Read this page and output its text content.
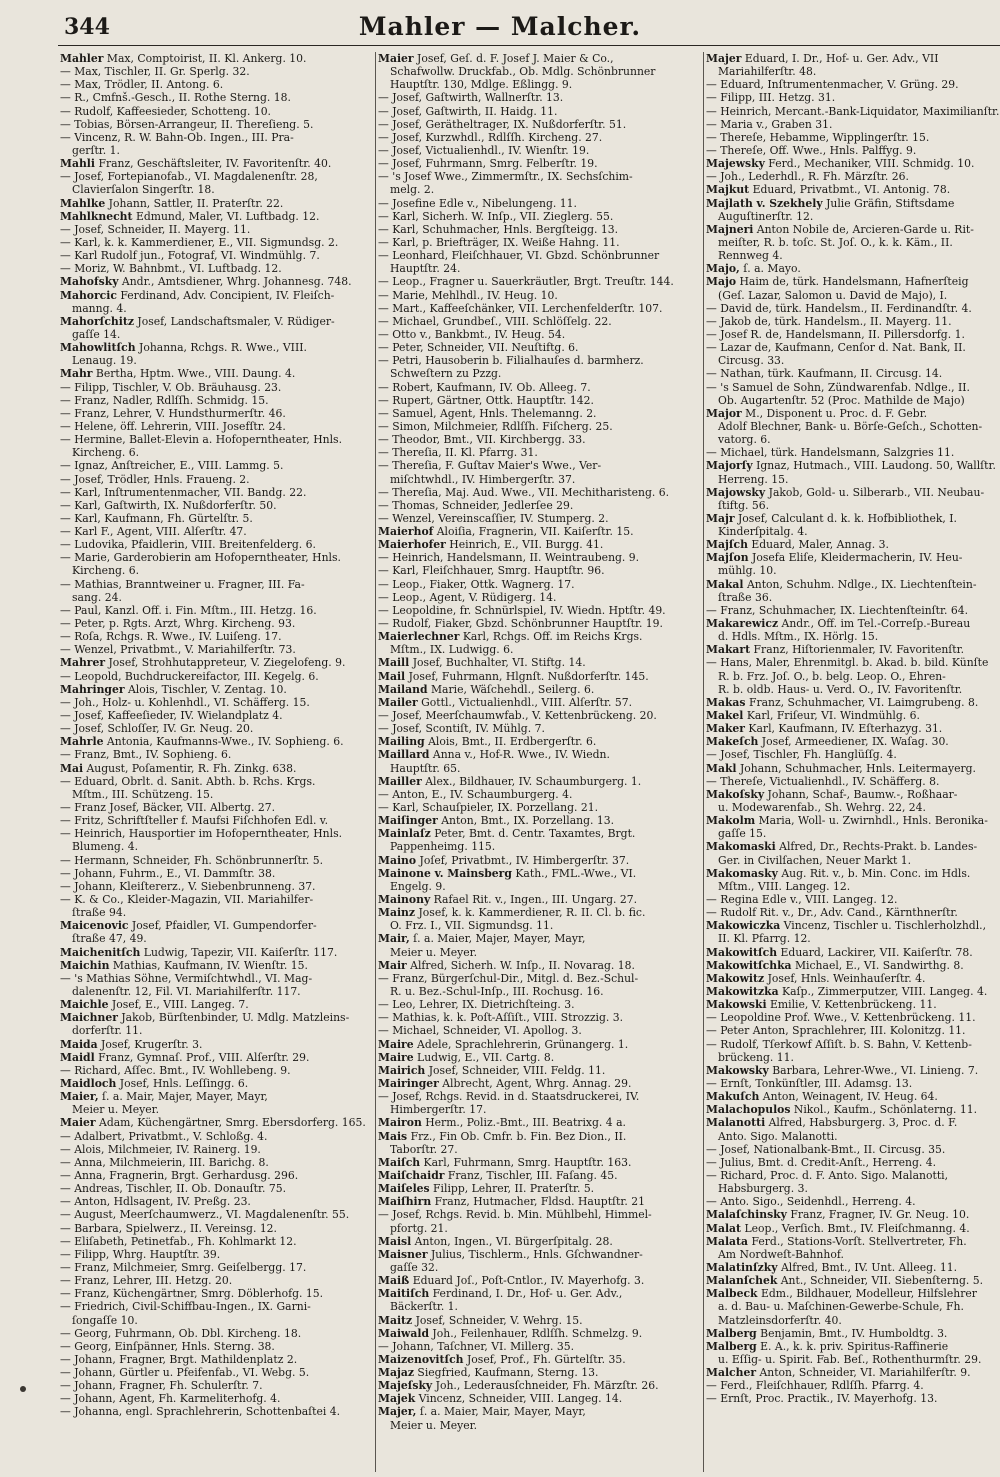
344	Mahler — Malcher.
Mahler Max, Comptoirist, II. Kl. Ankerg. 10.
— Max, Tischler, II. Gr. Sperlg. 32.
— Max, Trödler, II. Antong. 6.
— R., Cmfnš.-Gesch., II. Rothe Sterng. 18.
— Rudolf, Kaffeesieder, Schotteng. 10.
— Tobias, Börsen-Arrangeur, II. Thereſieng. 5.
— Vincenz, R. W. Bahn-Ob. Ingen., III. Pra-
gerſtr. 1.
Mahli Franz, Geschäftsleiter, IV. Favoritenſtr. 40.
— Josef, Fortepianofab., VI. Magdalenenſtr. 28,
Clavierſalon Singerſtr. 18.
Mahlke Johann, Sattler, II. Praterſtr. 22.
Mahlknecht Edmund, Maler, VI. Luftbadg. 12.
— Josef, Schneider, II. Mayerg. 11.
— Karl, k. k. Kammerdiener, E., VII. Sigmundsg. 2.
— Karl Rudolf jun., Fotograf, VI. Windmühlg. 7.
— Moriz, W. Bahnbmt., VI. Luftbadg. 12.
Mahofsky Andr., Amtsdiener, Whrg. Johannesg. 748.
Mahorcic Ferdinand, Adv. Concipient, IV. Fleiſch-
manng. 4.
Mahorſchitz Josef, Landschaftsmaler, V. Rüdiger-
gaſſe 14.
Mahowlitſch Johanna, Rchgs. R. Wwe., VIII.
Lenaug. 19.
Mahr Bertha, Hptm. Wwe., VIII. Daung. 4.
— Filipp, Tischler, V. Ob. Bräuhausg. 23.
— Franz, Nadler, Rdlſſh. Schmidg. 15.
— Franz, Lehrer, V. Hundsthurmerſtr. 46.
— Helene, öff. Lehrerin, VIII. Josefſtr. 24.
— Hermine, Ballet-Elevin a. Hofoperntheater, Hnls.
Kircheng. 6.
— Ignaz, Anſtreicher, E., VIII. Lammg. 5.
— Josef, Trödler, Hnls. Fraueng. 2.
— Karl, Inſtrumentenmacher, VII. Bandg. 22.
— Karl, Gaſtwirth, IX. Nußdorferſtr. 50.
— Karl, Kaufmann, Fh. Gürtelſtr. 5.
— Karl F., Agent, VIII. Alſerſtr. 47.
— Ludovika, Pfaidlerin, VIII. Breitenfelderg. 6.
— Marie, Garderobierin am Hofoperntheater, Hnls.
Kircheng. 6.
— Mathias, Branntweiner u. Fragner, III. Fa-
sang. 24.
— Paul, Kanzl. Off. i. Fin. Mſtm., III. Hetzg. 16.
— Peter, p. Rgts. Arzt, Whrg. Kircheng. 93.
— Roſa, Rchgs. R. Wwe., IV. Luiſeng. 17.
— Wenzel, Privatbmt., V. Mariahilferſtr. 73.
Mahrer Josef, Strohhutappreteur, V. Ziegelofeng. 9.
— Leopold, Buchdruckereifactor, III. Kegelg. 6.
Mahringer Alois, Tischler, V. Zentag. 10.
— Joh., Holz- u. Kohlenhdl., VI. Schäfferg. 15.
— Josef, Kaffeeſieder, IV. Wielandplatz 4.
— Josef, Schloſſer, IV. Gr. Neug. 20.
Mahrle Antonia, Kaufmanns-Wwe., IV. Sophieng. 6.
— Franz, Bmt., IV. Sophieng. 6.
Mai August, Poſamentir, R. Fh. Zinkg. 638.
— Eduard, Obrlt. d. Sanit. Abth. b. Rchs. Krgs.
Mſtm., III. Schützeng. 15.
— Franz Josef, Bäcker, VII. Albertg. 27.
— Fritz, Schriftſteller f. Maufsi Fiſchhofen Edl. v.
— Heinrich, Hausportier im Hofoperntheater, Hnls.
Blumeng. 4.
— Hermann, Schneider, Fh. Schönbrunnerſtr. 5.
— Johann, Fuhrm., E., VI. Dammſtr. 38.
— Johann, Kleiſtererz., V. Siebenbrunneng. 37.
— K. & Co., Kleider-Magazin, VII. Mariahilfer-
ſtraße 94.
Maicenovic Josef, Pfaidler, VI. Gumpendorfer-
ſtraße 47, 49.
Maichenitſch Ludwig, Tapezir, VII. Kaiſerſtr. 117.
Maichin Mathias, Kaufmann, IV. Wienſtr. 15.
— 's Mathias Söhne, Vermiſchtwhdl., VI. Mag-
dalenenſtr. 12, Fil. VI. Mariahilferſtr. 117.
Maichle Josef, E., VIII. Langeg. 7.
Maichner Jakob, Bürſtenbinder, U. Mdlg. Matzleins-
dorferſtr. 11.
Maida Josef, Krugerſtr. 3.
Maidl Franz, Gymnaſ. Prof., VIII. Alſerſtr. 29.
— Richard, Aſſec. Bmt., IV. Wohllebeng. 9.
Maidloch Josef, Hnls. Leſſingg. 6.
Maier, ſ. a. Mair, Majer, Mayer, Mayr,
Meier u. Meyer.
Maier Adam, Küchengärtner, Smrg. Ebersdorferg. 165.
— Adalbert, Privatbmt., V. Schloßg. 4.
— Alois, Milchmeier, IV. Rainerg. 19.
— Anna, Milchmeierin, III. Barichg. 8.
— Anna, Fragnerin, Brgt. Gerhardusg. 296.
— Andreas, Tischler, II. Ob. Donauſtr. 75.
— Anton, Hdlsagent, IV. Preßg. 23.
— August, Meerſchaumwerz., VI. Magdalenenſtr. 55.
— Barbara, Spielwerz., II. Vereinsg. 12.
— Eliſabeth, Petinetfab., Fh. Kohlmarkt 12.
— Filipp, Whrg. Hauptſtr. 39.
— Franz, Milchmeier, Smrg. Geiſelbergg. 17.
— Franz, Lehrer, III. Hetzg. 20.
— Franz, Küchengärtner, Smrg. Döblerhofg. 15.
— Friedrich, Civil-Schiffbau-Ingen., IX. Garni-
ſongaſſe 10.
— Georg, Fuhrmann, Ob. Dbl. Kircheng. 18.
— Georg, Einſpänner, Hnls. Sterng. 38.
— Johann, Fragner, Brgt. Mathildenplatz 2.
— Johann, Gürtler u. Pfeifenfab., VI. Webg. 5.
— Johann, Fragner, Fh. Schulerſtr. 7.
— Johann, Agent, Fh. Karmeliterhofg. 4.
— Johanna, engl. Sprachlehrerin, Schottenbaſtei 4.
Maier Josef, Geſ. d. F. Josef J. Maier & Co.,
Schafwollw. Druckfab., Ob. Mdlg. Schönbrunner
Hauptſtr. 130, Mdlge. Eßlingg. 9.
— Josef, Gaſtwirth, Wallnerſtr. 13.
— Josef, Gaſtwirth, II. Haidg. 11.
— Josef, Gerätheltrager, IX. Nußdorferſtr. 51.
— Josef, Kurzwhdl., Rdlſſh. Kircheng. 27.
— Josef, Victualienhdl., IV. Wienſtr. 19.
— Josef, Fuhrmann, Smrg. Felberſtr. 19.
— 's Josef Wwe., Zimmermſtr., IX. Sechsſchim-
melg. 2.
— Josefine Edle v., Nibelungeng. 11.
— Karl, Sicherh. W. Inſp., VII. Zieglerg. 55.
— Karl, Schuhmacher, Hnls. Bergſteigg. 13.
— Karl, p. Briefträger, IX. Weiße Hahng. 11.
— Leonhard, Fleiſchhauer, VI. Gbzd. Schönbrunner
Hauptſtr. 24.
— Leop., Fragner u. Sauerkräutler, Brgt. Treuſtr. 144.
— Marie, Mehlhdl., IV. Heug. 10.
— Mart., Kaffeeſchänker, VII. Lerchenfelderſtr. 107.
— Michael, Grundbeſ., VIII. Schlöſſelg. 22.
— Otto v., Bankbmt., IV. Heug. 54.
— Peter, Schneider, VII. Neuſtiftg. 6.
— Petri, Hausoberin b. Filialhauſes d. barmherz.
Schweſtern zu Pzzg.
— Robert, Kaufmann, IV. Ob. Alleeg. 7.
— Rupert, Gärtner, Ottk. Hauptſtr. 142.
— Samuel, Agent, Hnls. Thelemanng. 2.
— Simon, Milchmeier, Rdlſſh. Fiſcherg. 25.
— Theodor, Bmt., VII. Kirchbergg. 33.
— Thereſia, II. Kl. Pfarrg. 31.
— Thereſia, F. Guſtav Maier's Wwe., Ver-
miſchtwhdl., IV. Himbergerſtr. 37.
— Thereſia, Maj. Aud. Wwe., VII. Mechitharisteng. 6.
— Thomas, Schneider, Jedlerſee 29.
— Wenzel, Vereinscaſſier, IV. Stumperg. 2.
Maierhof Aloiſia, Fragnerin, VII. Kaiſerſtr. 15.
Maierhofer Heinrich, E., VII. Burgg. 41.
— Heinrich, Handelsmann, II. Weintraubeng. 9.
— Karl, Fleiſchhauer, Smrg. Hauptſtr. 96.
— Leop., Fiaker, Ottk. Wagnerg. 17.
— Leop., Agent, V. Rüdigerg. 14.
— Leopoldine, fr. Schnürlspiel, IV. Wiedn. Hptſtr. 49.
— Rudolf, Fiaker, Gbzd. Schönbrunner Hauptſtr. 19.
Maierlechner Karl, Rchgs. Off. im Reichs Krgs.
Mſtm., IX. Ludwigg. 6.
Maill Josef, Buchhalter, VI. Stiftg. 14.
Mail Josef, Fuhrmann, Hlgnſt. Nußdorferſtr. 145.
Mailand Marie, Wäſchehdl., Seilerg. 6.
Mailer Gottl., Victualienhdl., VIII. Alſerſtr. 57.
— Josef, Meerſchaumwfab., V. Kettenbrückeng. 20.
— Josef, Scontiſt, IV. Mühlg. 7.
Mailing Alois, Bmt., II. Erdbergerſtr. 6.
Maillard Anna v., Hof-R. Wwe., IV. Wiedn.
Hauptſtr. 65.
Mailler Alex., Bildhauer, IV. Schaumburgerg. 1.
— Anton, E., IV. Schaumburgerg. 4.
— Karl, Schauſpieler, IX. Porzellang. 21.
Maiſinger Anton, Bmt., IX. Porzellang. 13.
Mainlaſz Peter, Bmt. d. Centr. Taxamtes, Brgt.
Pappenheimg. 115.
Maino Joſef, Privatbmt., IV. Himbergerſtr. 37.
Mainone v. Mainsberg Kath., FML.-Wwe., VI.
Engelg. 9.
Mainony Rafael Rit. v., Ingen., III. Ungarg. 27.
Mainz Josef, k. k. Kammerdiener, R. II. Cl. b. fic.
O. Frz. I., VII. Sigmundsg. 11.
Mair, ſ. a. Maier, Majer, Mayer, Mayr,
Meier u. Meyer.
Mair Alfred, Sicherh. W. Inſp., II. Novarag. 18.
— Franz, Bürgerſchul-Dir., Mitgl. d. Bez.-Schul-
R. u. Bez.-Schul-Inſp., III. Rochusg. 16.
— Leo, Lehrer, IX. Dietrichſteing. 3.
— Mathias, k. k. Poſt-Aſſiſt., VIII. Strozzig. 3.
— Michael, Schneider, VI. Apollog. 3.
Maire Adele, Sprachlehrerin, Grünangerg. 1.
Maire Ludwig, E., VII. Cartg. 8.
Mairich Josef, Schneider, VIII. Feldg. 11.
Mairinger Albrecht, Agent, Whrg. Annag. 29.
— Josef, Rchgs. Revid. in d. Staatsdruckerei, IV.
Himbergerſtr. 17.
Mairon Herm., Poliz.-Bmt., III. Beatrixg. 4 a.
Mais Frz., Fin Ob. Cmfr. b. Fin. Bez Dion., II.
Taborſtr. 27.
Maiſch Karl, Fuhrmann, Smrg. Hauptſtr. 163.
Maiſchaidr Franz, Tischler, III. Faſang. 45.
Maiſeles Filipp, Lehrer, II. Praterſtr. 5.
Maiſhirn Franz, Hutmacher, Fldsd. Hauptſtr. 21
— Josef, Rchgs. Revid. b. Min. Mühlbehl, Himmel-
pfortg. 21.
Maisl Anton, Ingen., VI. Bürgerſpitalg. 28.
Maisner Julius, Tischlerm., Hnls. Gſchwandner-
gaſſe 32.
Maiß Eduard Joſ., Poſt-Cntlor., IV. Mayerhofg. 3.
Maitiſch Ferdinand, I. Dr., Hof- u. Ger. Adv.,
Bäckerſtr. 1.
Maitz Josef, Schneider, V. Wehrg. 15.
Maiwald Joh., Feilenhauer, Rdlſſh. Schmelzg. 9.
— Johann, Taſchner, VI. Millerg. 35.
Maizenovitſch Josef, Prof., Fh. Gürtelſtr. 35.
Majaz Siegfried, Kaufmann, Sterng. 13.
Majeſsky Joh., Lederausſchneider, Fh. Märzſtr. 26.
Majek Vincenz, Schneider, VIII. Langeg. 14.
Majer, ſ. a. Maier, Mair, Mayer, Mayr,
Meier u. Meyer.
Majer Eduard, I. Dr., Hof- u. Ger. Adv., VII
Mariahilferſtr. 48.
— Eduard, Inſtrumentenmacher, V. Grüng. 29.
— Filipp, III. Hetzg. 31.
— Heinrich, Mercant.-Bank-Liquidator, Maximilianſtr.
— Maria v., Graben 31.
— Thereſe, Hebamme, Wipplingerſtr. 15.
— Thereſe, Off. Wwe., Hnls. Palffyg. 9.
Majewsky Ferd., Mechaniker, VIII. Schmidg. 10.
— Joh., Lederhdl., R. Fh. Märzſtr. 26.
Majkut Eduard, Privatbmt., VI. Antonig. 78.
Majlath v. Szekhely Julie Gräfin, Stiftsdame
Auguſtinerſtr. 12.
Majneri Anton Nobile de, Arcieren-Garde u. Rit-
meiſter, R. b. toſc. St. Joſ. O., k. k. Käm., II.
Rennweg 4.
Majo, ſ. a. Mayo.
Majo Haim de, türk. Handelsmann, Hafnerſteig
(Geſ. Lazar, Salomon u. David de Majo), I.
— David de, türk. Handelsm., II. Ferdinandſtr. 4.
— Jakob de, türk. Handelsm., II. Mayerg. 11.
— Josef R. de, Handelsmann, II. Pillersdorfg. 1.
— Lazar de, Kaufmann, Cenſor d. Nat. Bank, II.
Circusg. 33.
— Nathan, türk. Kaufmann, II. Circusg. 14.
— 's Samuel de Sohn, Zündwarenfab. Ndlge., II.
Ob. Augartenſtr. 52 (Proc. Mathilde de Majo)
Major M., Disponent u. Proc. d. F. Gebr.
Adolf Blechner, Bank- u. Börſe-Geſch., Schotten-
vatorg. 6.
— Michael, türk. Handelsmann, Salzgries 11.
Majorſy Ignaz, Hutmach., VIII. Laudong. 50, Wallſtr.
Herreng. 15.
Majowsky Jakob, Gold- u. Silberarb., VII. Neubau-
ſtiftg. 56.
Majr Josef, Calculant d. k. k. Hofbibliothek, I.
Kinderſpitalg. 4.
Majſch Eduard, Maler, Annag. 3.
Majſon Josefa Eliſe, Kleidermacherin, IV. Heu-
mühlg. 10.
Makal Anton, Schuhm. Ndlge., IX. Liechtenſtein-
ſtraße 36.
— Franz, Schuhmacher, IX. Liechtenſteinſtr. 64.
Makarewicz Andr., Off. im Tel.-Correſp.-Bureau
d. Hdls. Mſtm., IX. Hörlg. 15.
Makart Franz, Hiſtorienmaler, IV. Favoritenſtr.
— Hans, Maler, Ehrenmitgl. b. Akad. b. bild. Künſte
R. b. Frz. Joſ. O., b. belg. Leop. O., Ehren-
R. b. oldb. Haus- u. Verd. O., IV. Favoritenſtr.
Makas Franz, Schuhmacher, VI. Laimgrubeng. 8.
Makel Karl, Friſeur, VI. Windmühlg. 6.
Maker Karl, Kaufmann, IV. Eſterhazyg. 31.
Makeſch Josef, Armeediener, IX. Waſag. 30.
— Josef, Tischler, Fh. Hanglüſſg. 4.
Makl Johann, Schuhmacher, Hnls. Leitermayerg.
— Thereſe, Victualienhdl., IV. Schäfferg. 8.
Makoſsky Johann, Schaf-, Baumw.-, Roßhaar-
u. Modewarenfab., Sh. Wehrg. 22, 24.
Makolm Maria, Woll- u. Zwirnhdl., Hnls. Beronika-
gaſſe 15.
Makomaski Alfred, Dr., Rechts-Prakt. b. Landes-
Ger. in Civilſachen, Neuer Markt 1.
Makomasky Aug. Rit. v., b. Min. Conc. im Hdls.
Mſtm., VIII. Langeg. 12.
— Regina Edle v., VIII. Langeg. 12.
— Rudolf Rit. v., Dr., Adv. Cand., Kärnthnerſtr.
Makowiczka Vincenz, Tischler u. Tischlerholzhdl.,
II. Kl. Pfarrg. 12.
Makowitſch Eduard, Lackirer, VII. Kaiſerſtr. 78.
Makowitſchka Michael, E., VI. Sandwirthg. 8.
Makowitz Josef, Hnls. Weinhauſerſtr. 4.
Makowitzka Kaſp., Zimmerputzer, VIII. Langeg. 4.
Makowski Emilie, V. Kettenbrückeng. 11.
— Leopoldine Prof. Wwe., V. Kettenbrückeng. 11.
— Peter Anton, Sprachlehrer, III. Kolonitzg. 11.
— Rudolf, Tſerkowf Aſſiſt. b. S. Bahn, V. Kettenb-
brückeng. 11.
Makowsky Barbara, Lehrer-Wwe., VI. Linieng. 7.
— Ernſt, Tonkünſtler, III. Adamsg. 13.
Makuſch Anton, Weinagent, IV. Heug. 64.
Malachopulos Nikol., Kaufm., Schönlaterng. 11.
Malanotti Alfred, Habsburgerg. 3, Proc. d. F.
Anto. Sigo. Malanotti.
— Josef, Nationalbank-Bmt., II. Circusg. 35.
— Julius, Bmt. d. Credit-Anſt., Herreng. 4.
— Richard, Proc. d. F. Anto. Sigo. Malanotti,
Habsburgerg. 3.
— Anto. Sigo., Seidenhdl., Herreng. 4.
Malaſchinsky Franz, Fragner, IV. Gr. Neug. 10.
Malat Leop., Verſich. Bmt., IV. Fleiſchmanng. 4.
Malata Ferd., Stations-Vorſt. Stellvertreter, Fh.
Am Nordweſt-Bahnhof.
Malatinſzky Alfred, Bmt., IV. Unt. Alleeg. 11.
Malanſchek Ant., Schneider, VII. Siebenſterng. 5.
Malbeck Edm., Bildhauer, Modelleur, Hilfslehrer
a. d. Bau- u. Maſchinen-Gewerbe-Schule, Fh.
Matzleinsdorferſtr. 40.
Malberg Benjamin, Bmt., IV. Humboldtg. 3.
Malberg E. A., k. k. priv. Spiritus-Raffinerie
u. Eſſig- u. Spirit. Fab. Beſ., Rothenthurmſtr. 29.
Malcher Anton, Schneider, VI. Mariahilferſtr. 9.
— Ferd., Fleiſchhauer, Rdlſſh. Pfarrg. 4.
— Ernſt, Proc. Practik., IV. Mayerhofg. 13.
